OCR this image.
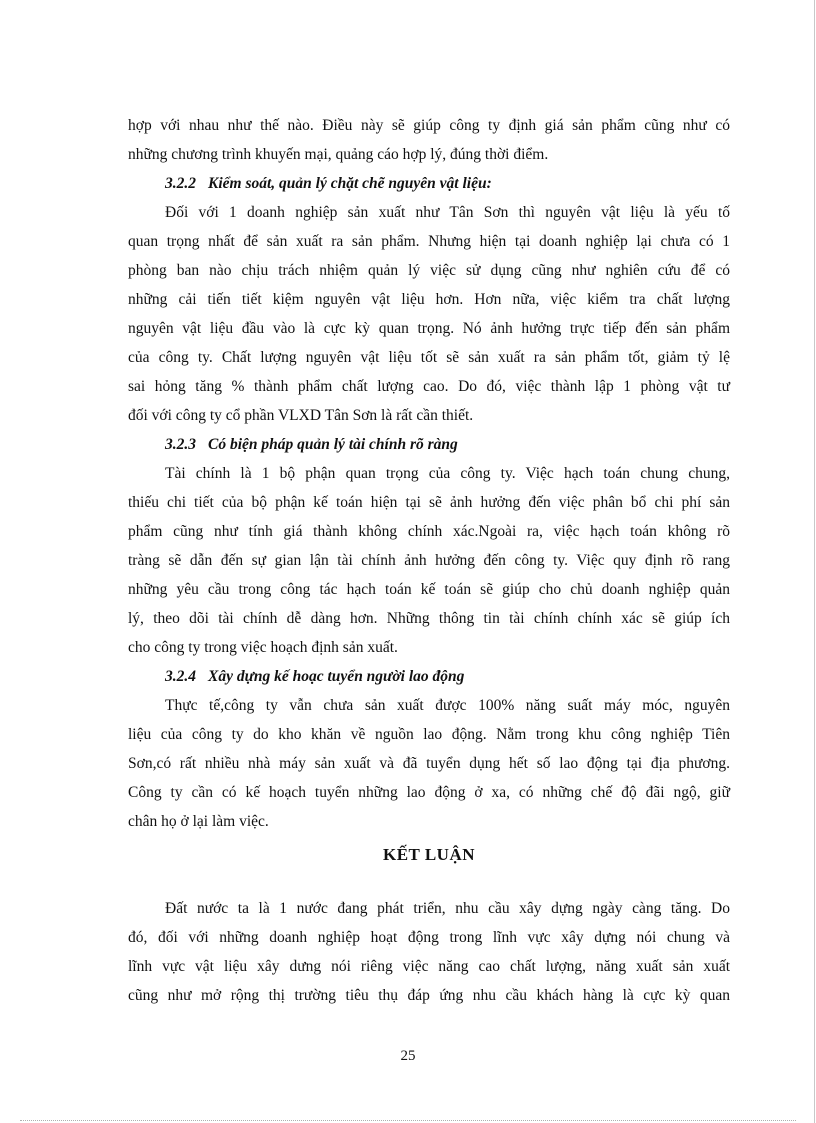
hợp với nhau như thế nào. Điều này sẽ giúp công ty định giá sản phẩm cũng như có
những chương trình khuyến mại, quảng cáo hợp lý, đúng thời điểm.
3.2.2 Kiểm soát, quản lý chặt chẽ nguyên vật liệu:
Đối với 1 doanh nghiệp sản xuất như Tân Sơn thì nguyên vật liệu là yếu tố
quan trọng nhất để sản xuất ra sản phẩm. Nhưng hiện tại doanh nghiệp lại chưa có 1
phòng ban nào chịu trách nhiệm quản lý việc sử dụng cũng như nghiên cứu để có
những cải tiến tiết kiệm nguyên vật liệu hơn. Hơn nữa, việc kiểm tra chất lượng
nguyên vật liệu đầu vào là cực kỳ quan trọng. Nó ảnh hưởng trực tiếp đến sản phẩm
của công ty. Chất lượng nguyên vật liệu tốt sẽ sản xuất ra sản phẩm tốt, giảm tỷ lệ
sai hỏng tăng % thành phẩm chất lượng cao. Do đó, việc thành lập 1 phòng vật tư
đối với công ty cổ phần VLXD Tân Sơn là rất cần thiết.
3.2.3 Có biện pháp quản lý tài chính rõ ràng
Tài chính là 1 bộ phận quan trọng của công ty. Việc hạch toán chung chung,
thiếu chi tiết của bộ phận kế toán hiện tại sẽ ảnh hưởng đến việc phân bổ chi phí sản
phẩm cũng như tính giá thành không chính xác.Ngoài ra, việc hạch toán không rõ
tràng sẽ dẫn đến sự gian lận tài chính ảnh hưởng đến công ty. Việc quy định rõ rang
những yêu cầu trong công tác hạch toán kế toán sẽ giúp cho chủ doanh nghiệp quản
lý, theo dõi tài chính dễ dàng hơn. Những thông tin tài chính chính xác sẽ giúp ích
cho công ty trong việc hoạch định sản xuất.
3.2.4 Xây dựng kế hoạc tuyển người lao động
Thực tế,công ty vẫn chưa sản xuất được 100% năng suất máy móc, nguyên
liệu của công ty do kho khăn về nguồn lao động. Nằm trong khu công nghiệp Tiên
Sơn,có rất nhiều nhà máy sản xuất và đã tuyển dụng hết số lao động tại địa phương.
Công ty cần có kế hoạch tuyển những lao động ở xa, có những chế độ đãi ngộ, giữ
chân họ ở lại làm việc.
KẾT LUẬN
Đất nước ta là 1 nước đang phát triển, nhu cầu xây dựng ngày càng tăng. Do
đó, đối với những doanh nghiệp hoạt động trong lĩnh vực xây dựng nói chung và
lĩnh vực vật liệu xây dưng nói riêng việc năng cao chất lượng, năng xuất sản xuất
cũng như mở rộng thị trường tiêu thụ đáp ứng nhu cầu khách hàng là cực kỳ quan
25
